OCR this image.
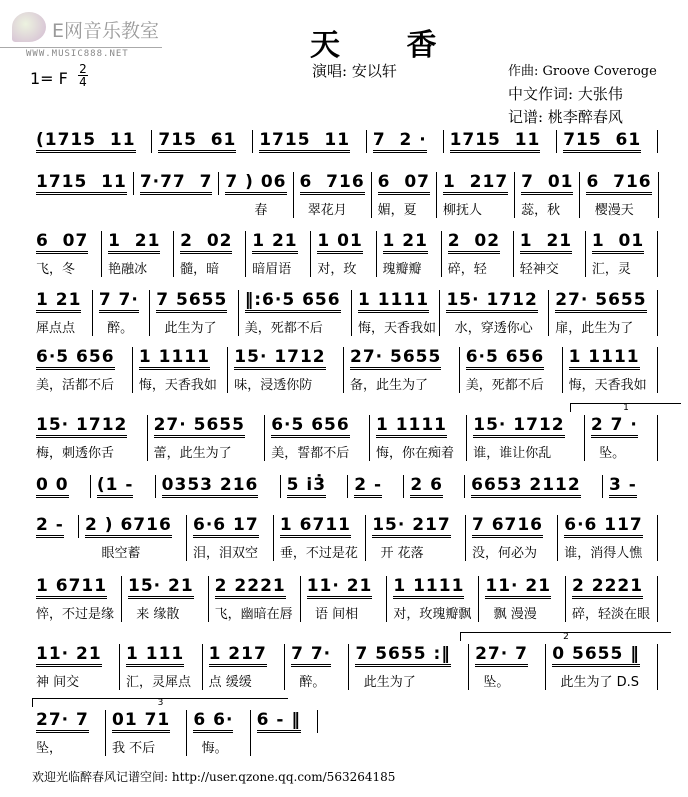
E网音乐教室
WWW.MUSIC888.NET	天 香
1= F 2
4
演唱: 安以轩	作曲: Groove Coveroge
中文作词: 大张伟
记谱: 桃李醉春风
(1715  11 715  61 1715  11 7  2 · 1715  11 715  61
1715  11 7·77  7 7 ) 06
春
6  716
翠花月
6  07
媚，夏
1  217
柳抚人
7  01
蕊，秋
6  716
樱漫天
6  07
飞，冬
1  21
艳融冰
2  02
髓，暗
1 21
暗眉语
1 01
对，玫
1 21
瑰瓣瓣
2  02
碎，轻
1  21
轻神交
1  01
汇，灵
1 21
犀点点
7 7·
醉。
7 5655
此生为了
‖:6·5 656
美，死都不后
1 1111
悔，天香我如
15· 1712
水，穿透你心
27· 5655
扉，此生为了
6·5 656
美，活都不后
1 1111
悔，天香我如
15· 1712
味，浸透你防
27· 5655
备，此生为了
6·5 656
美，死都不后
1 1111
悔，天香我如
15· 1712
梅，刺透你舌
27· 5655
蕾，此生为了
6·5 656
美，誓都不后
1 1111
悔，你在痴着
15· 1712
谁，谁让你乱
2 7 ·
坠。
1
0 0 (1 - 0353 216 5 i̇3̇ 2 - 2 6 6653 2112 3 -
2 - 2 ) 6716
眼空蓄
6·6 17
泪，泪双空
1 6711
垂，不过是花
15· 217
开 花落
7 6716
没，何必为
6·6 117
谁，消得人憔
1 6711
悴，不过是缘
15· 21
来 缘散
2 2221
飞，幽暗在唇
11· 21
语 间相
1 1111
对，玫瑰瓣飘
11· 21
飘 漫漫
2 2221
碎，轻淡在眼
11· 21
神 间交
1 111
汇，灵犀点
1 217
点 缓缓
7 7·
醉。
7 5655 :‖
此生为了
27· 7
坠。
0 5655 ‖
此生为了 D.S
2
27· 7
坠，
01 71
我 不后
6 6·
悔。
6 - ‖
3
欢迎光临醉春风记谱空间: http://user.qzone.qq.com/563264185
